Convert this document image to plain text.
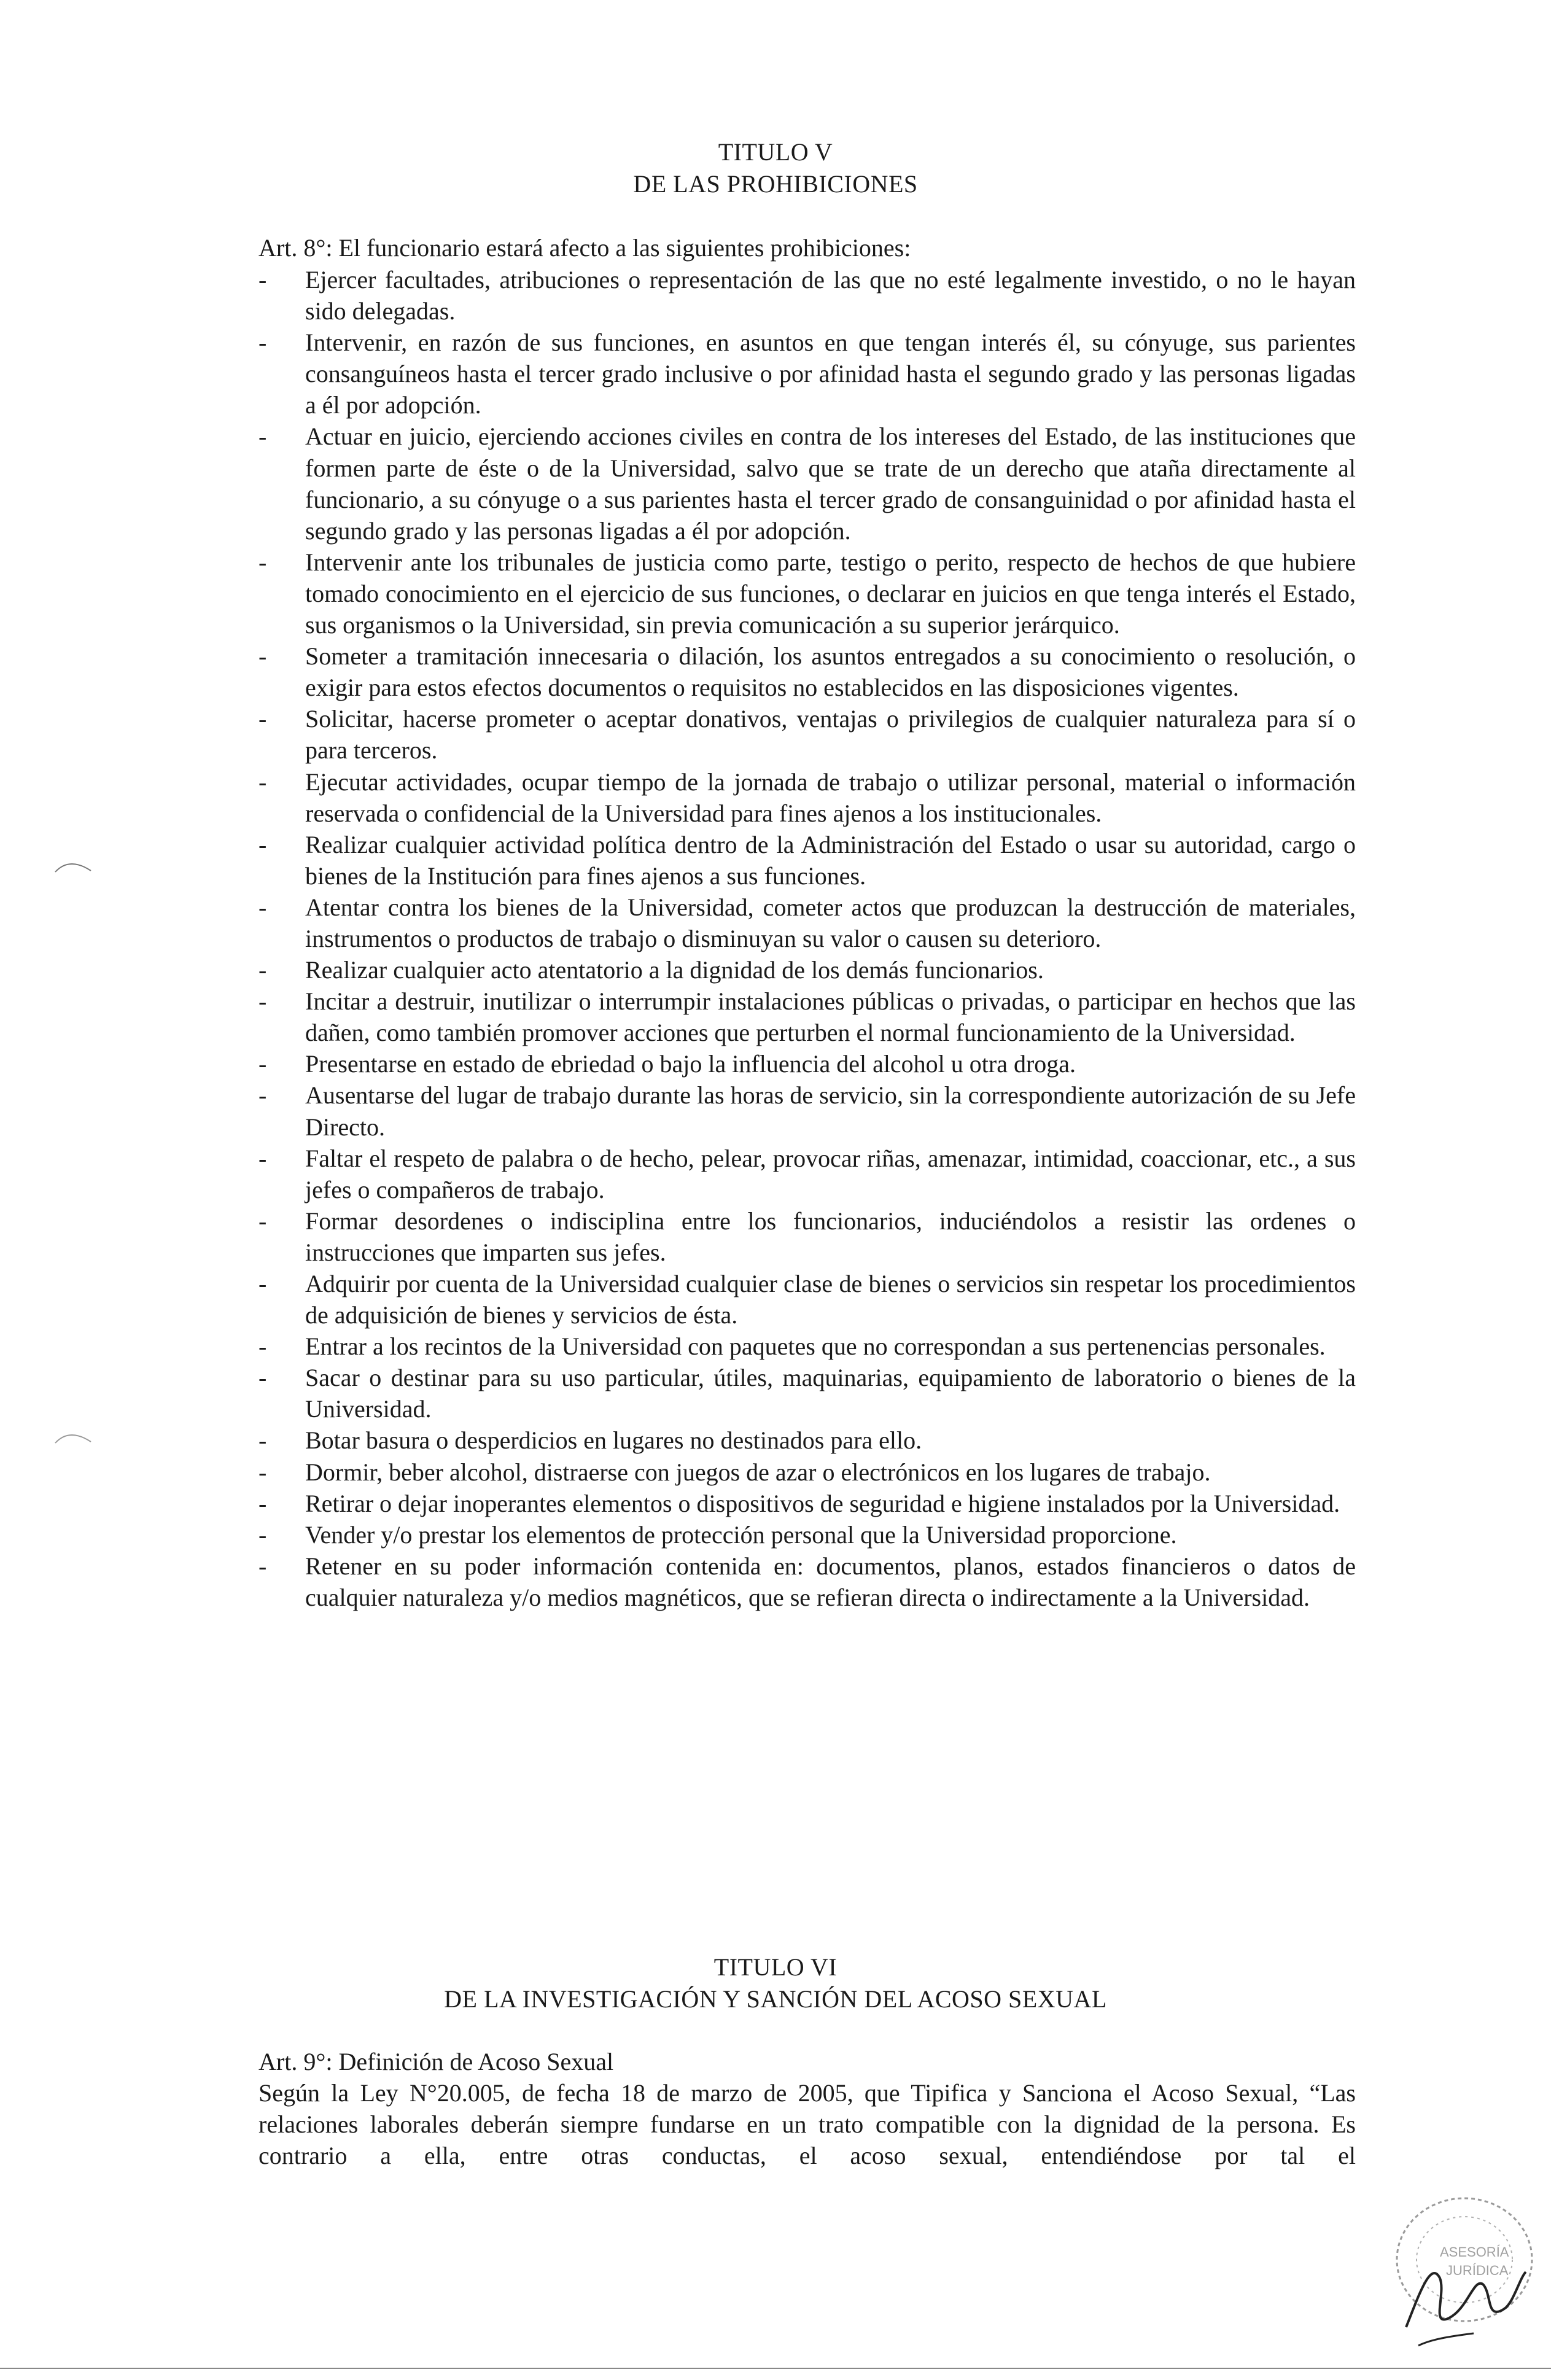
TITULO V
DE LAS PROHIBICIONES
Art. 8°: El funcionario estará afecto a las siguientes prohibiciones:
-	Ejercer facultades, atribuciones o representación de las que no esté legalmente investido, o no le hayan sido delegadas.
-	Intervenir, en razón de sus funciones, en asuntos en que tengan interés él, su cónyuge, sus parientes consanguíneos hasta el tercer grado inclusive o por afinidad hasta el segundo grado y las personas ligadas a él por adopción.
-	Actuar en juicio, ejerciendo acciones civiles en contra de los intereses del Estado, de las instituciones que formen parte de éste o de la Universidad, salvo que se trate de un derecho que ataña directamente al funcionario, a su cónyuge o a sus parientes hasta el tercer grado de consanguinidad o por afinidad hasta el segundo grado y las personas ligadas a él por adopción.
-	Intervenir ante los tribunales de justicia como parte, testigo o perito, respecto de hechos de que hubiere tomado conocimiento en el ejercicio de sus funciones, o declarar en juicios en que tenga interés el Estado, sus organismos o la Universidad, sin previa comunicación a su superior jerárquico.
-	Someter a tramitación innecesaria o dilación, los asuntos entregados a su conocimiento o resolución, o exigir para estos efectos documentos o requisitos no establecidos en las disposiciones vigentes.
-	Solicitar, hacerse prometer o aceptar donativos, ventajas o privilegios de cualquier naturaleza para sí o para terceros.
-	Ejecutar actividades, ocupar tiempo de la jornada de trabajo o utilizar personal, material o información reservada o confidencial de la Universidad para fines ajenos a los institucionales.
-	Realizar cualquier actividad política dentro de la Administración del Estado o usar su autoridad, cargo o bienes de la Institución para fines ajenos a sus funciones.
-	Atentar contra los bienes de la Universidad, cometer actos que produzcan la destrucción de materiales, instrumentos o productos de trabajo o disminuyan su valor o causen su deterioro.
-	Realizar cualquier acto atentatorio a la dignidad de los demás funcionarios.
-	Incitar a destruir, inutilizar o interrumpir instalaciones públicas o privadas, o participar en hechos que las dañen, como también promover acciones que perturben el normal funcionamiento de la Universidad.
-	Presentarse en estado de ebriedad o bajo la influencia del alcohol u otra droga.
-	Ausentarse del lugar de trabajo durante las horas de servicio, sin la correspondiente autorización de su Jefe Directo.
-	Faltar el respeto de palabra o de hecho, pelear, provocar riñas, amenazar, intimidad, coaccionar, etc., a sus jefes o compañeros de trabajo.
-	Formar desordenes o indisciplina entre los funcionarios, induciéndolos a resistir las ordenes o instrucciones que imparten sus jefes.
-	Adquirir por cuenta de la Universidad cualquier clase de bienes o servicios sin respetar los procedimientos de adquisición de bienes y servicios de ésta.
-	Entrar a los recintos de la Universidad con paquetes que no correspondan a sus pertenencias personales.
-	Sacar o destinar para su uso particular, útiles, maquinarias, equipamiento de laboratorio o bienes de la Universidad.
-	Botar basura o desperdicios en lugares no destinados para ello.
-	Dormir, beber alcohol, distraerse con juegos de azar o electrónicos en los lugares de trabajo.
-	Retirar o dejar inoperantes elementos o dispositivos de seguridad e higiene instalados por la Universidad.
-	Vender y/o prestar los elementos de protección personal que la Universidad proporcione.
-	Retener en su poder información contenida en: documentos, planos, estados financieros o datos de cualquier naturaleza y/o medios magnéticos, que se refieran directa o indirectamente a la Universidad.
TITULO VI
DE LA INVESTIGACIÓN Y SANCIÓN DEL ACOSO SEXUAL
Art. 9°: Definición de Acoso Sexual
Según la Ley N°20.005, de fecha 18 de marzo de 2005, que Tipifica y Sanciona el Acoso Sexual, “Las relaciones laborales deberán siempre fundarse en un trato compatible con la dignidad de la persona. Es contrario a ella, entre otras conductas, el acoso sexual, entendiéndose por tal el
ASESORÍA
JURÍDICA
